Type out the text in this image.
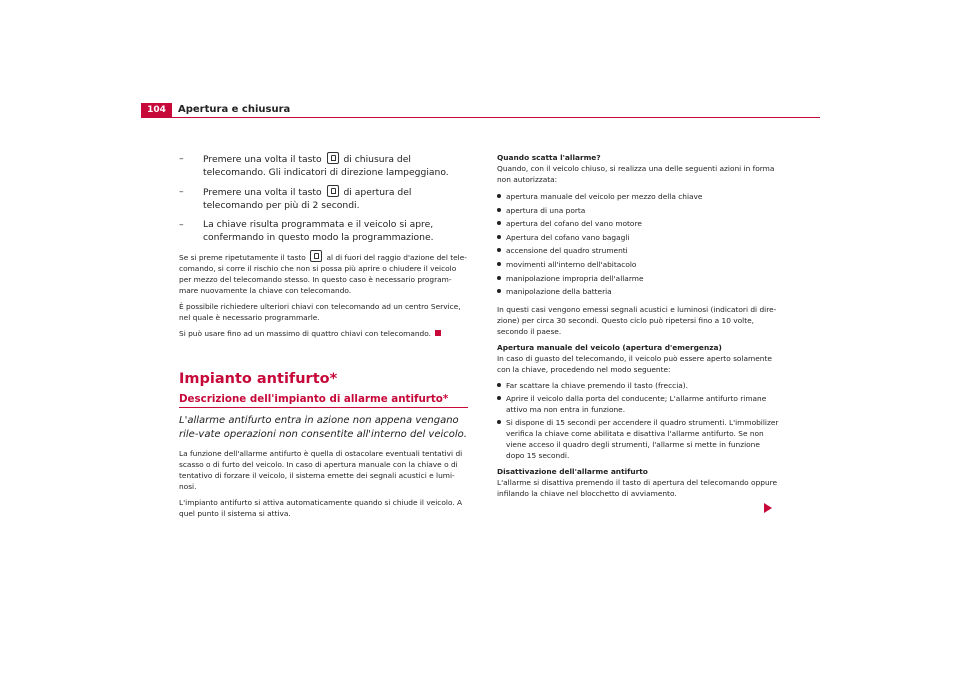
104	Apertura e chiusura
– Premere una volta il tasto di chiusura del telecomando. Gli indicatori di direzione lampeggiano.
– Premere una volta il tasto di apertura del telecomando per più di 2 secondi.
– La chiave risulta programmata e il veicolo si apre, confermando in questo modo la programmazione.

Se si preme ripetutamente il tasto	al di fuori del raggio d'azione del tele-comando, si corre il rischio che non si possa più aprire o chiudere il veicolo per mezzo del telecomando stesso. In questo caso è necessario program-mare nuovamente la chiave con telecomando.

È possibile richiedere ulteriori chiavi con telecomando ad un centro Service, nel quale è necessario programmarle.

Si può usare fino ad un massimo di quattro chiavi con telecomando.

Impianto antifurto*
Descrizione dell'impianto di allarme antifurto*
L'allarme antifurto entra in azione non appena vengano rile-vate operazioni non consentite all'interno del veicolo.

La funzione dell'allarme antifurto è quella di ostacolare eventuali tentativi di scasso o di furto del veicolo. In caso di apertura manuale con la chiave o di tentativo di forzare il veicolo, il sistema emette dei segnali acustici e lumi-nosi.

L'impianto antifurto si attiva automaticamente quando si chiude il veicolo. A quel punto il sistema si attiva.

Quando scatta l'allarme?

Quando, con il veicolo chiuso, si realizza una delle seguenti azioni in forma non autorizzata:

apertura manuale del veicolo per mezzo della chiave
apertura di una porta
apertura del cofano del vano motore
Apertura del cofano vano bagagli
accensione del quadro strumenti
movimenti all'interno dell'abitacolo
manipolazione impropria dell'allarme
manipolazione della batteria

In questi casi vengono emessi segnali acustici e luminosi (indicatori di dire-zione) per circa 30 secondi. Questo ciclo può ripetersi fino a 10 volte, secondo il paese.

Apertura manuale del veicolo (apertura d'emergenza)

In caso di guasto del telecomando, il veicolo può essere aperto solamente con la chiave, procedendo nel modo seguente:

Far scattare la chiave premendo il tasto (freccia).
Aprire il veicolo dalla porta del conducente; L'allarme antifurto rimane attivo ma non entra in funzione.
Si dispone di 15 secondi per accendere il quadro strumenti. L'immobilizer verifica la chiave come abilitata e disattiva l'allarme antifurto. Se non viene acceso il quadro degli strumenti, l'allarme si mette in funzione dopo 15 secondi.

Disattivazione dell'allarme antifurto

L'allarme si disattiva premendo il tasto di apertura del telecomando oppure infilando la chiave nel blocchetto di avviamento.
